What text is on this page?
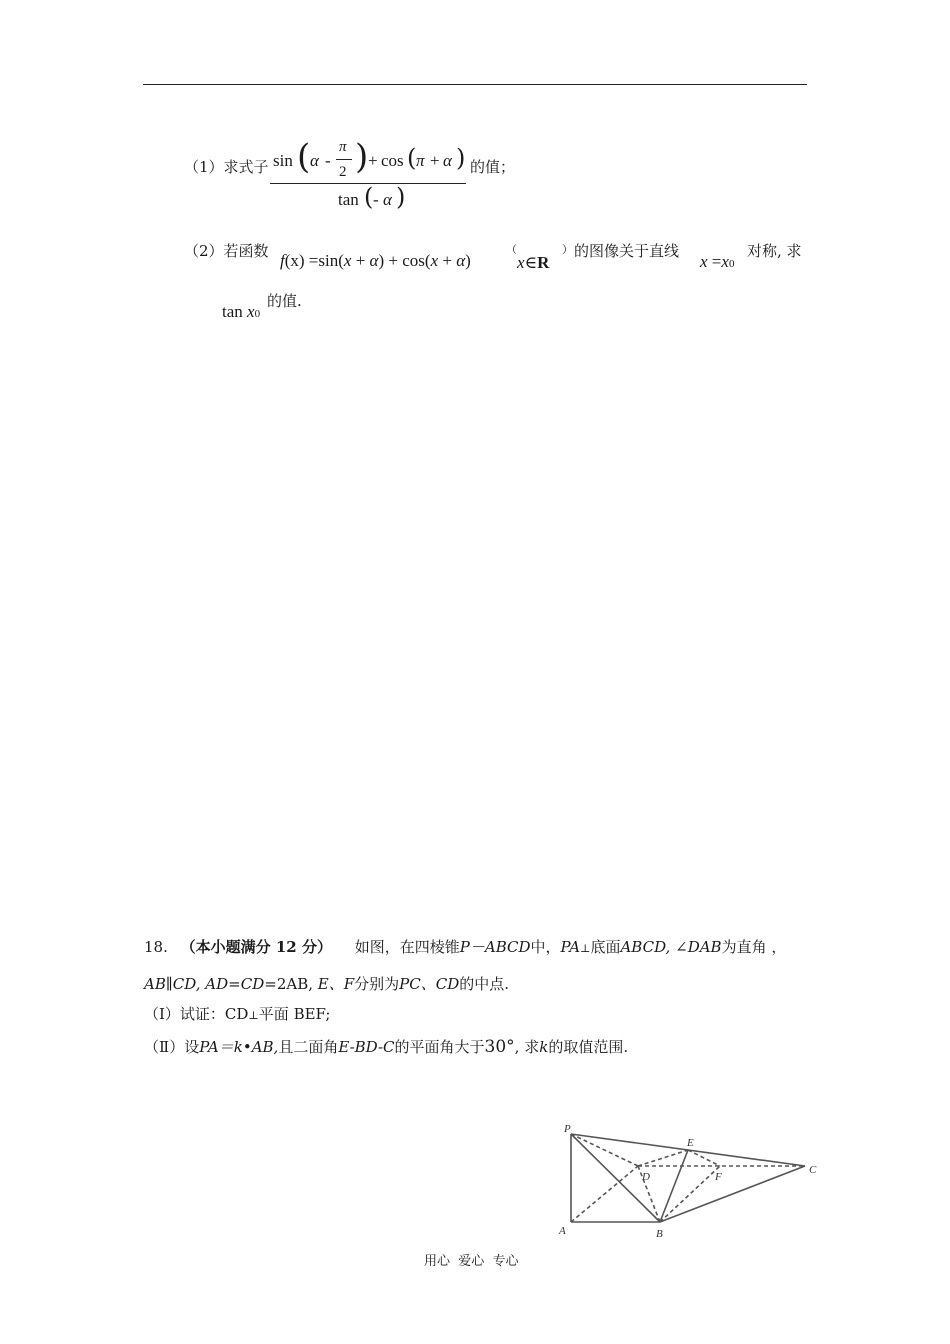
（1）求式子 sin ( α -
π
2 ) + cos ( π + α )
tan ( - α )
的值；
（2）若函数 f(x) =sin(x + α) + cos(x + α)
（
x∈R
） 的图像关于直线
x =x0
对称, 求
tan x0
的值.
18. （本小题满分 12 分） 如图，在四棱锥P－ABCD中，PA⊥底面ABCD, ∠DAB为直角 ，
AB∥CD, AD=CD=2AB, E、F分别为PC、CD的中点.
（Ⅰ）试证：CD⊥平面 BEF;
（Ⅱ）设PA＝k•AB,且二面角E-BD-C的平面角大于30°, 求k的取值范围.
P
E
D	F
C
A	B
用心  爱心  专心
